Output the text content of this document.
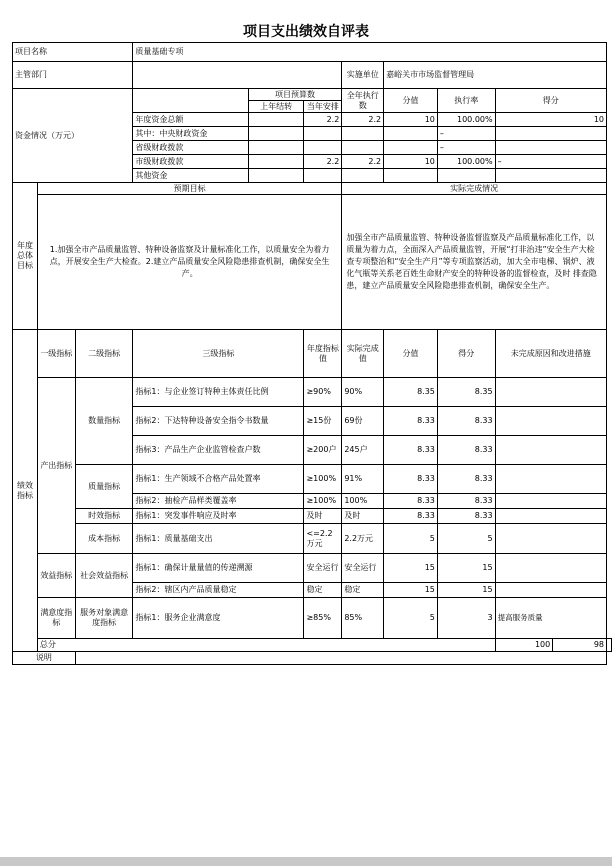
项目支出绩效自评表
项目名称			质量基础专项								
主管部门						实施单位	嘉峪关市市场监督管理局				
资金情况（万元）				项目预算数		全年执行数	分值	执行率	得分		
				上年结转	当年安排						
			年度资金总额		2.2	2.2	10	100.00%	10		
			其中：中央财政资金					–			
			省级财政拨款					–			
			市级财政拨款		2.2	2.2	10	100.00%	–		
			其他资金								
年度总体目标	预期目标					实际完成情况					
	1.加强全市产品质量监管、特种设备监察及计量标准化工作，以质量安全为着力点，开展安全生产大检查。2.建立产品质量安全风险隐患排查机制，确保安全生产。					加强全市产品质量监管、特种设备监督监察及产品质量标准化工作，以质量为着力点，全面深入产品质量监管，开展“打非治违”安全生产大检查专项整治和“安全生产月”等专项监察活动，加大全市电梯、锅炉、液化气瓶等关系老百姓生命财产安全的特种设备的监督检查，及时 排查隐患，建立产品质量安全风险隐患排查机制，确保安全生产。					
绩效指标	一级指标	二级指标	三级指标		年度指标值	实际完成值	分值	得分	未完成原因和改进措施		
	产出指标	数量指标	指标1：与企业签订特种主体责任比例		≥90%	90%	8.35	8.35			
			指标2：下达特种设备安全指令书数量		≥15份	69份	8.33	8.33			
			指标3：产品生产企业监管检查户数		≥200户	245户	8.33	8.33			
		质量指标	指标1：生产领域不合格产品处置率		≥100%	91%	8.33	8.33			
			指标2：抽检产品样类覆盖率		≥100%	100%	8.33	8.33			
		时效指标	指标1：突发事件响应及时率		及时	及时	8.33	8.33			
		成本指标	指标1：质量基础支出		<=2.2万元	2.2万元	5	5			
	效益指标	社会效益指标	指标1：确保计量量值的传递溯源		安全运行	安全运行	15	15			
			指标2：辖区内产品质量稳定		稳定	稳定	15	15			
	满意度指标	服务对象满意度指标	指标1：服务企业满意度		≥85%	85%	5	3	提高服务质量		
	总分								100	98	
说明											
